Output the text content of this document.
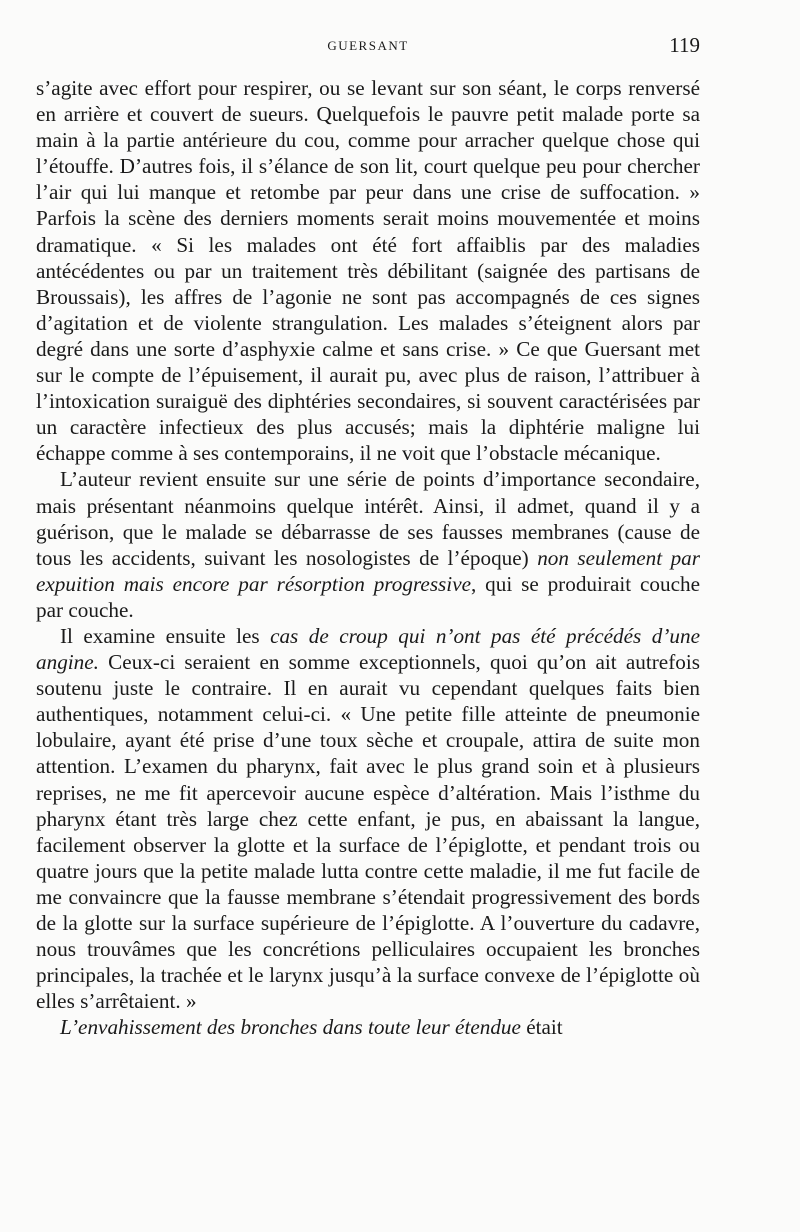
GUERSANT	119

s’agite avec effort pour respirer, ou se levant sur son séant, le corps renversé en arrière et couvert de sueurs. Quelquefois le pauvre petit malade porte sa main à la partie antérieure du cou, comme pour arracher quelque chose qui l’étouffe. D’autres fois, il s’élance de son lit, court quelque peu pour chercher l’air qui lui manque et retombe par peur dans une crise de suffocation. » Parfois la scène des derniers moments serait moins mouvementée et moins dramatique. « Si les malades ont été fort affaiblis par des maladies antécédentes ou par un traitement très débilitant (saignée des partisans de Broussais), les affres de l’agonie ne sont pas accompagnés de ces signes d’agitation et de violente strangulation. Les malades s’éteignent alors par degré dans une sorte d’asphyxie calme et sans crise. » Ce que Guersant met sur le compte de l’épuisement, il aurait pu, avec plus de raison, l’attribuer à l’intoxication suraiguë des diphtéries secondaires, si souvent caractérisées par un caractère infectieux des plus accusés; mais la diphtérie maligne lui échappe comme à ses contemporains, il ne voit que l’obstacle mécanique.

L’auteur revient ensuite sur une série de points d’importance secondaire, mais présentant néanmoins quelque intérêt. Ainsi, il admet, quand il y a guérison, que le malade se débarrasse de ses fausses membranes (cause de tous les accidents, suivant les nosologistes de l’époque) non seulement par expuition mais encore par résorption progressive, qui se produirait couche par couche.

Il examine ensuite les cas de croup qui n’ont pas été précédés d’une angine. Ceux-ci seraient en somme exceptionnels, quoi qu’on ait autrefois soutenu juste le contraire. Il en aurait vu cependant quelques faits bien authentiques, notamment celui-ci. « Une petite fille atteinte de pneumonie lobulaire, ayant été prise d’une toux sèche et croupale, attira de suite mon attention. L’examen du pharynx, fait avec le plus grand soin et à plusieurs reprises, ne me fit apercevoir aucune espèce d’altération. Mais l’isthme du pharynx étant très large chez cette enfant, je pus, en abaissant la langue, facilement observer la glotte et la surface de l’épiglotte, et pendant trois ou quatre jours que la petite malade lutta contre cette maladie, il me fut facile de me convaincre que la fausse membrane s’étendait progressivement des bords de la glotte sur la surface supérieure de l’épiglotte. A l’ouverture du cadavre, nous trouvâmes que les concrétions pelliculaires occupaient les bronches principales, la trachée et le larynx jusqu’à la surface convexe de l’épiglotte où elles s’arrêtaient. »

L’envahissement des bronches dans toute leur étendue était
